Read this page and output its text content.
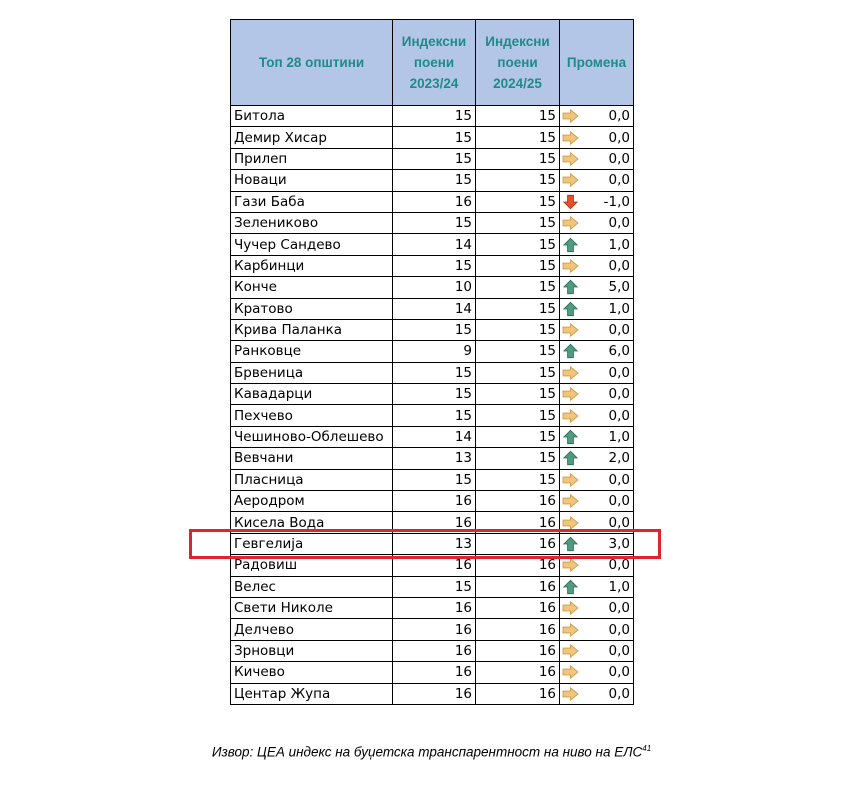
Топ 28 општини	Индексни поени 2023/24	Индексни поени 2024/25	Промена
Битола	15	15	0,0
Демир Хисар	15	15	0,0
Прилеп	15	15	0,0
Новаци	15	15	0,0
Гази Баба	16	15	-1,0
Зелениково	15	15	0,0
Чучер Сандево	14	15	1,0
Карбинци	15	15	0,0
Конче	10	15	5,0
Кратово	14	15	1,0
Крива Паланка	15	15	0,0
Ранковце	9	15	6,0
Брвеница	15	15	0,0
Кавадарци	15	15	0,0
Пехчево	15	15	0,0
Чешиново-Облешево	14	15	1,0
Вевчани	13	15	2,0
Пласница	15	15	0,0
Аеродром	16	16	0,0
Кисела Вода	16	16	0,0
Гевгелија	13	16	3,0
Радовиш	16	16	0,0
Велес	15	16	1,0
Свети Николе	16	16	0,0
Делчево	16	16	0,0
Зрновци	16	16	0,0
Кичево	16	16	0,0
Центар Жупа	16	16	0,0
Извор: ЦЕА индекс на буџетска транспарентност на ниво на ЕЛС$^{41}$
